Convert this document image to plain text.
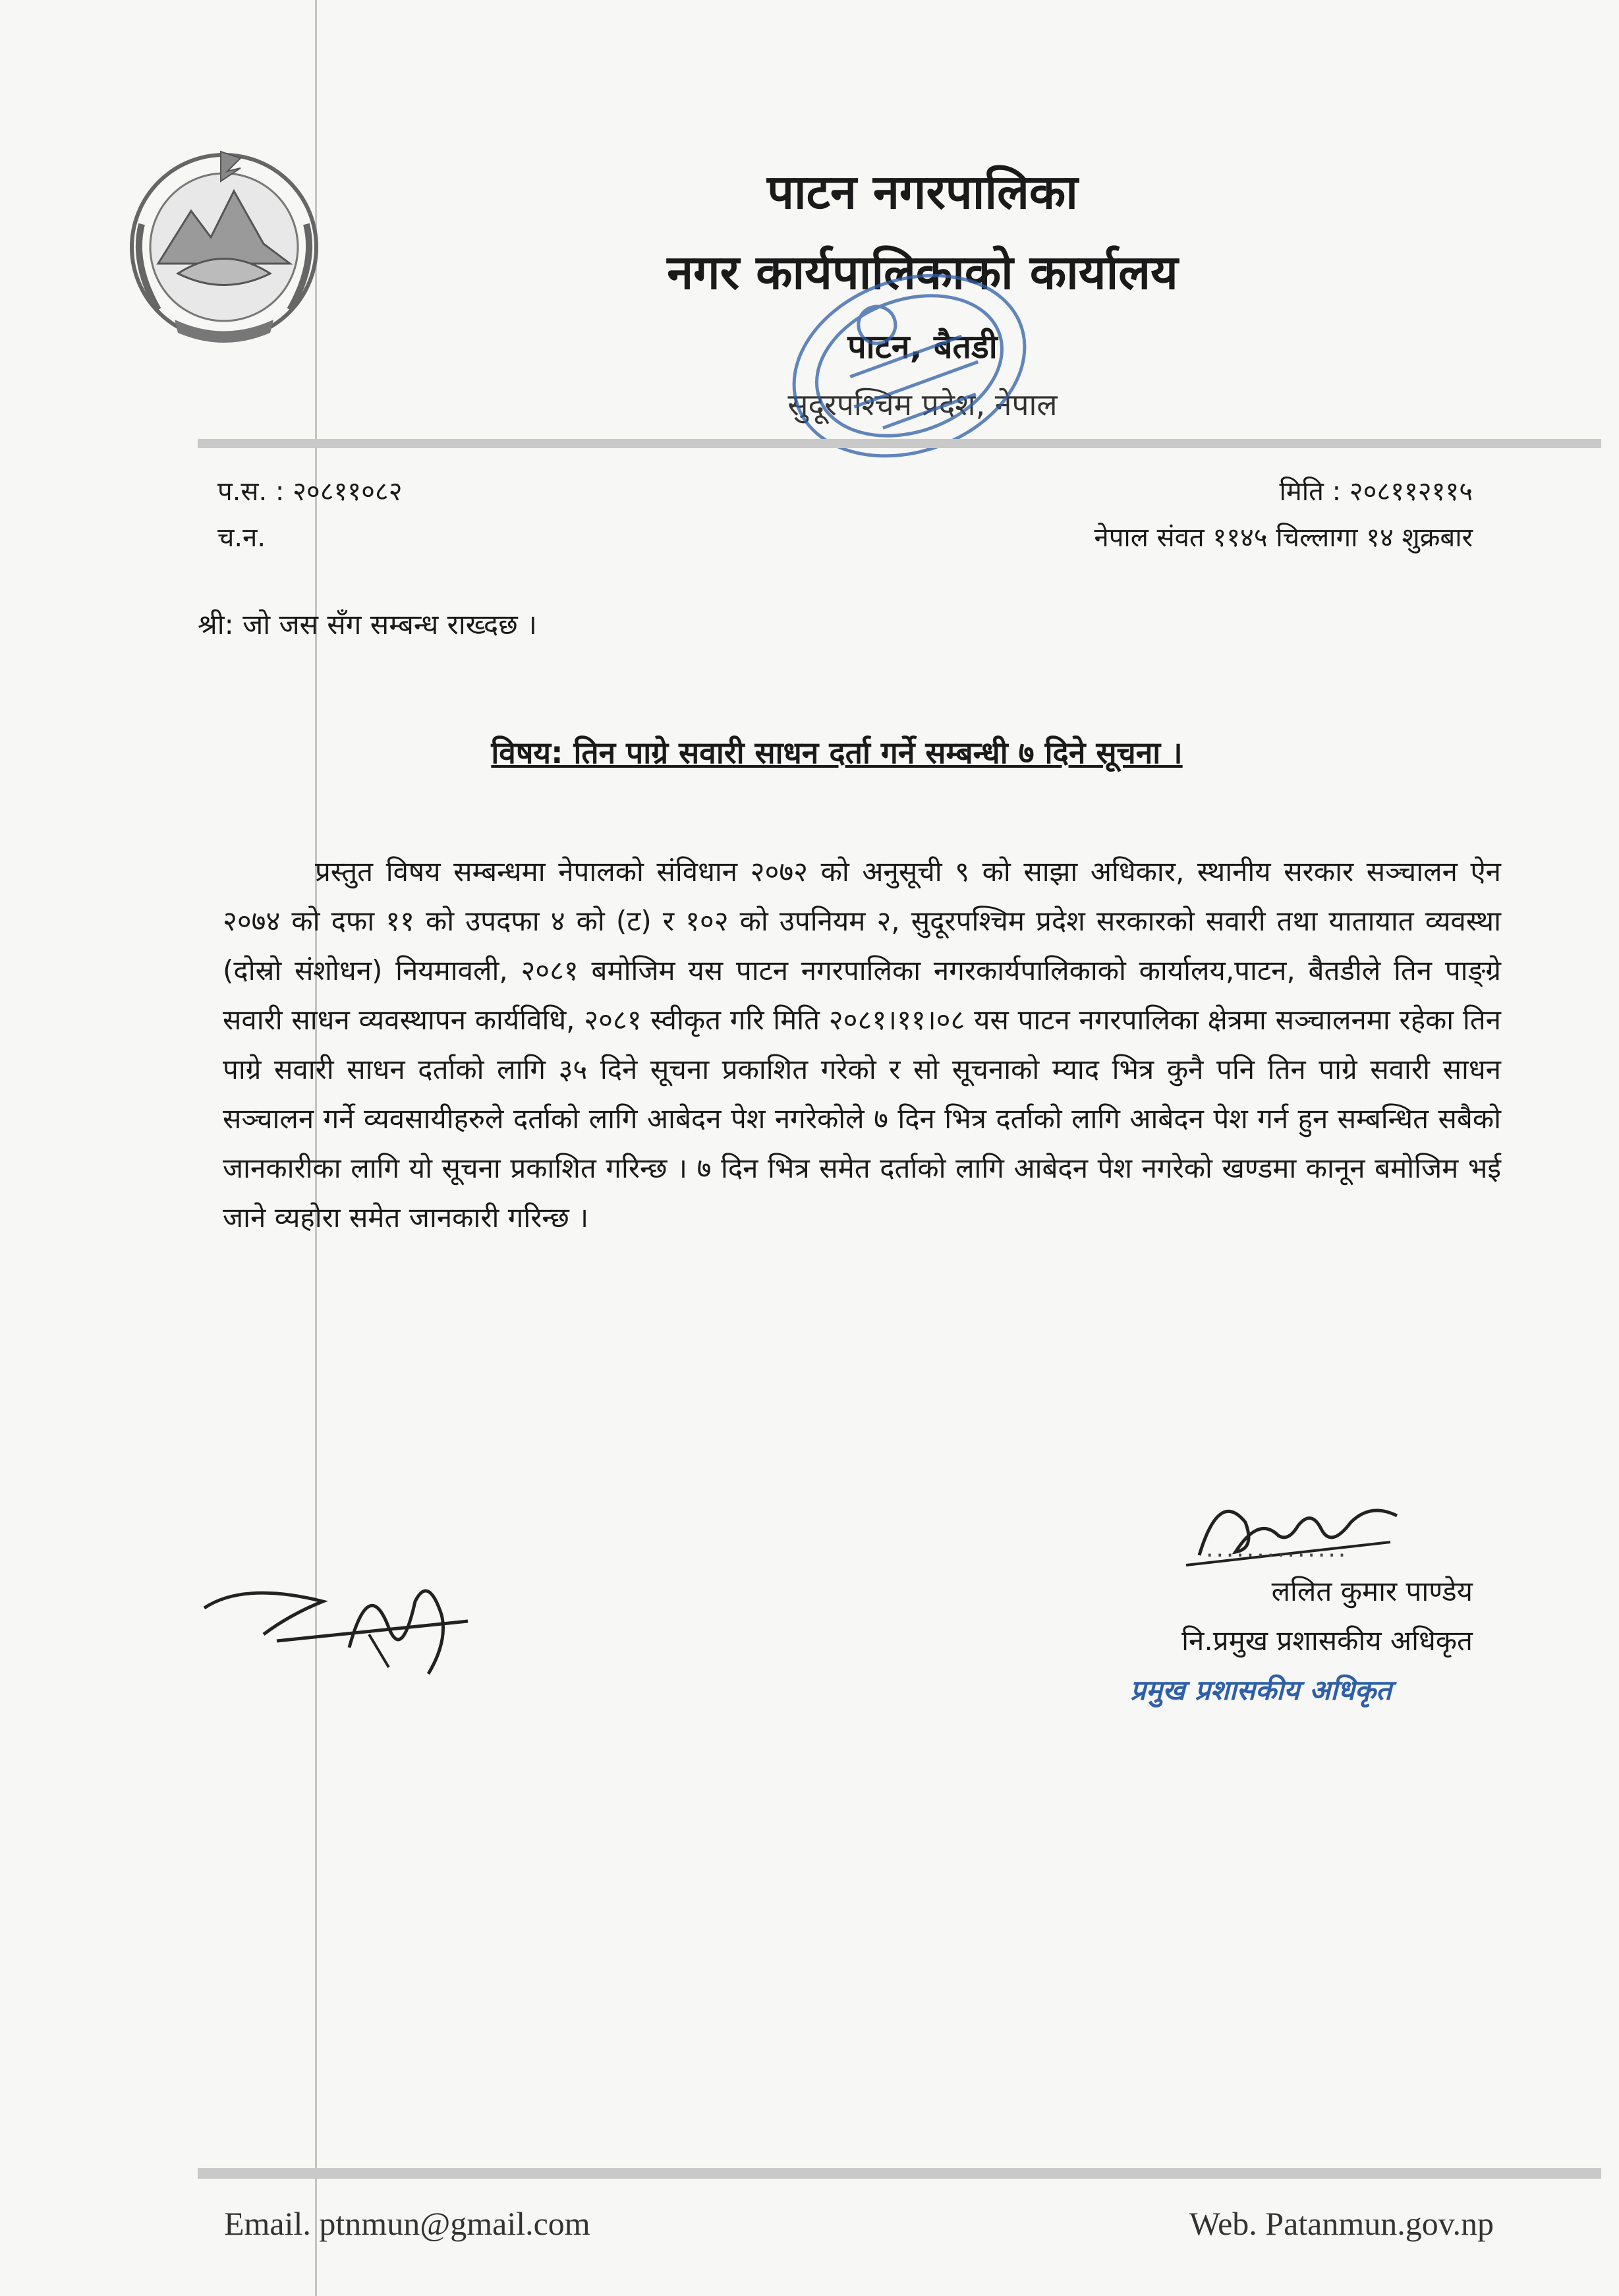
पाटन नगरपालिका
नगर कार्यपालिकाको कार्यालय
पाटन, बैतडी
सुदूरपश्चिम प्रदेश, नेपाल
प.स. : २०८११०८२
च.न.
मिति : २०८११२११५
नेपाल संवत ११४५ चिल्लागा १४ शुक्रबार
श्री: जो जस सँग सम्बन्ध राख्दछ ।
विषय: तिन पाग्रे सवारी साधन दर्ता गर्ने सम्बन्धी ७ दिने सूचना ।

प्रस्तुत विषय सम्बन्धमा नेपालको संविधान २०७२ को अनुसूची ९ को साझा अधिकार, स्थानीय सरकार सञ्चालन ऐन २०७४ को दफा ११ को उपदफा ४ को (ट) र १०२ को उपनियम २, सुदूरपश्चिम प्रदेश सरकारको सवारी तथा यातायात व्यवस्था (दोस्रो संशोधन) नियमावली, २०८१ बमोजिम यस पाटन नगरपालिका नगरकार्यपालिकाको कार्यालय,पाटन, बैतडीले तिन पाङ्ग्रे सवारी साधन व्यवस्थापन कार्यविधि, २०८१ स्वीकृत गरि मिति २०८१।११।०८ यस पाटन नगरपालिका क्षेत्रमा सञ्चालनमा रहेका तिन पाग्रे सवारी साधन दर्ताको लागि ३५ दिने सूचना प्रकाशित गरेको र सो सूचनाको म्याद भित्र कुनै पनि तिन पाग्रे सवारी साधन सञ्चालन गर्ने व्यवसायीहरुले दर्ताको लागि आबेदन पेश नगरेकोले ७ दिन भित्र दर्ताको लागि आबेदन पेश गर्न हुन सम्बन्धित सबैको जानकारीका लागि यो सूचना प्रकाशित गरिन्छ । ७ दिन भित्र समेत दर्ताको लागि आबेदन पेश नगरेको खण्डमा कानून बमोजिम भई जाने व्यहोरा समेत जानकारी गरिन्छ ।

..............
ललित कुमार पाण्डेय
नि.प्रमुख प्रशासकीय अधिकृत
प्रमुख प्रशासकीय अधिकृत
Email. ptnmun@gmail.com	Web. Patanmun.gov.np
